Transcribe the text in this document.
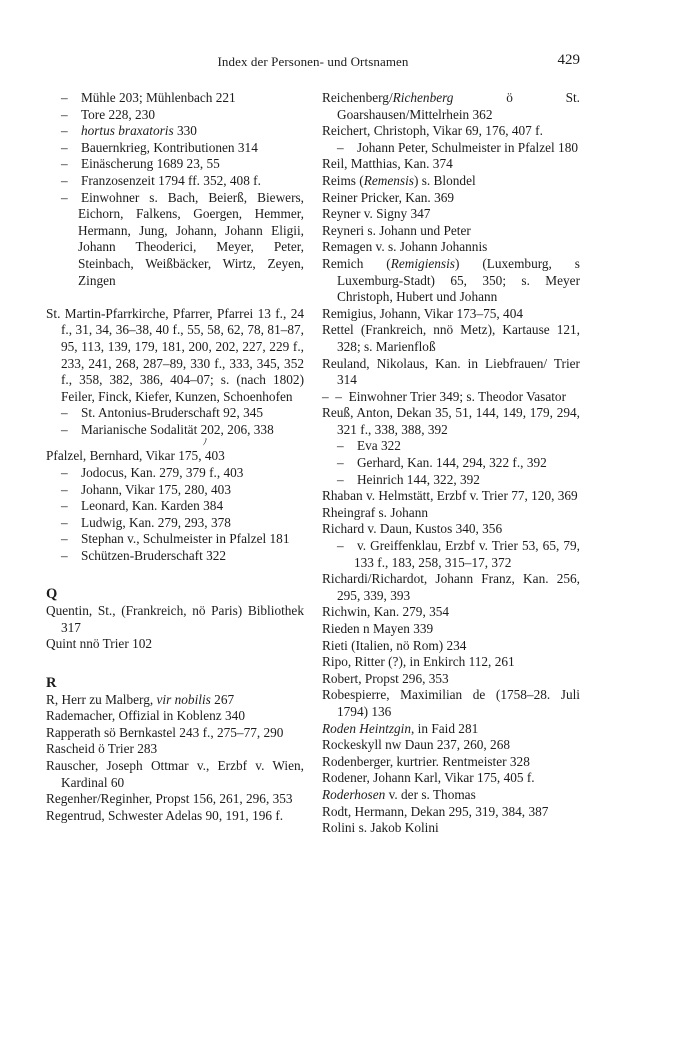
Index der Personen- und Ortsnamen	429
–  Mühle 203; Mühlenbach 221
–  Tore 228, 230
–  hortus braxatoris 330
–  Bauernkrieg, Kontributionen 314
–  Einäscherung 1689 23, 55
–  Franzosenzeit 1794 ff. 352, 408 f.
–  Einwohner s. Bach, Beierß, Biewers, Eichorn, Falkens, Goergen, Hemmer, Hermann, Jung, Johann, Johann Eligii, Johann Theoderici, Meyer, Peter, Steinbach, Weißbäcker, Wirtz, Zeyen, Zingen
St. Martin-Pfarrkirche, Pfarrer, Pfarrei 13 f., 24 f., 31, 34, 36–38, 40 f., 55, 58, 62, 78, 81–87, 95, 113, 139, 179, 181, 200, 202, 227, 229 f., 233, 241, 268, 287–89, 330 f., 333, 345, 352 f., 358, 382, 386, 404–07; s. (nach 1802) Feiler, Finck, Kiefer, Kunzen, Schoenhofen
–  St. Antonius-Bruderschaft 92, 345
–  Marianische Sodalität 202, 206, 338
ﾉ
Pfalzel, Bernhard, Vikar 175, 403
–  Jodocus, Kan. 279, 379 f., 403
–  Johann, Vikar 175, 280, 403
–  Leonard, Kan. Karden 384
–  Ludwig, Kan. 279, 293, 378
–  Stephan v., Schulmeister in Pfalzel 181
–  Schützen-Bruderschaft 322
Q
Quentin, St., (Frankreich, nö Paris) Bibliothek 317
Quint nnö Trier 102
R
R, Herr zu Malberg, vir nobilis 267
Rademacher, Offizial in Koblenz 340
Rapperath sö Bernkastel 243 f., 275–77, 290
Rascheid ö Trier 283
Rauscher, Joseph Ottmar v., Erzbf v. Wien, Kardinal 60
Regenher/Reginher, Propst 156, 261, 296, 353
Regentrud, Schwester Adelas 90, 191, 196 f.
Reichenberg/Richenberg ö St. Goarshausen/Mittelrhein 362
Reichert, Christoph, Vikar 69, 176, 407 f.
–  Johann Peter, Schulmeister in Pfalzel 180
Reil, Matthias, Kan. 374
Reims (Remensis) s. Blondel
Reiner Pricker, Kan. 369
Reyner v. Signy 347
Reyneri s. Johann und Peter
Remagen v. s. Johann Johannis
Remich (Remigiensis) (Luxemburg, s Luxemburg-Stadt) 65, 350; s. Meyer Christoph, Hubert und Johann
Remigius, Johann, Vikar 173–75, 404
Rettel (Frankreich, nnö Metz), Kartause 121, 328; s. Marienfloß
Reuland, Nikolaus, Kan. in Liebfrauen/ Trier 314
– – Einwohner Trier 349; s. Theodor Vasator
Reuß, Anton, Dekan 35, 51, 144, 149, 179, 294, 321 f., 338, 388, 392
–  Eva 322
–  Gerhard, Kan. 144, 294, 322 f., 392
–  Heinrich 144, 322, 392
Rhaban v. Helmstätt, Erzbf v. Trier 77, 120, 369
Rheingraf s. Johann
Richard v. Daun, Kustos 340, 356
–  v. Greiffenklau, Erzbf v. Trier 53, 65, 79, 133 f., 183, 258, 315–17, 372
Richardi/Richardot, Johann Franz, Kan. 256, 295, 339, 393
Richwin, Kan. 279, 354
Rieden n Mayen 339
Rieti (Italien, nö Rom) 234
Ripo, Ritter (?), in Enkirch 112, 261
Robert, Propst 296, 353
Robespierre, Maximilian de (1758–28. Juli 1794) 136
Roden Heintzgin, in Faid 281
Rockeskyll nw Daun 237, 260, 268
Rodenberger, kurtrier. Rentmeister 328
Rodener, Johann Karl, Vikar 175, 405 f.
Roderhosen v. der s. Thomas
Rodt, Hermann, Dekan 295, 319, 384, 387
Rolini s. Jakob Kolini
